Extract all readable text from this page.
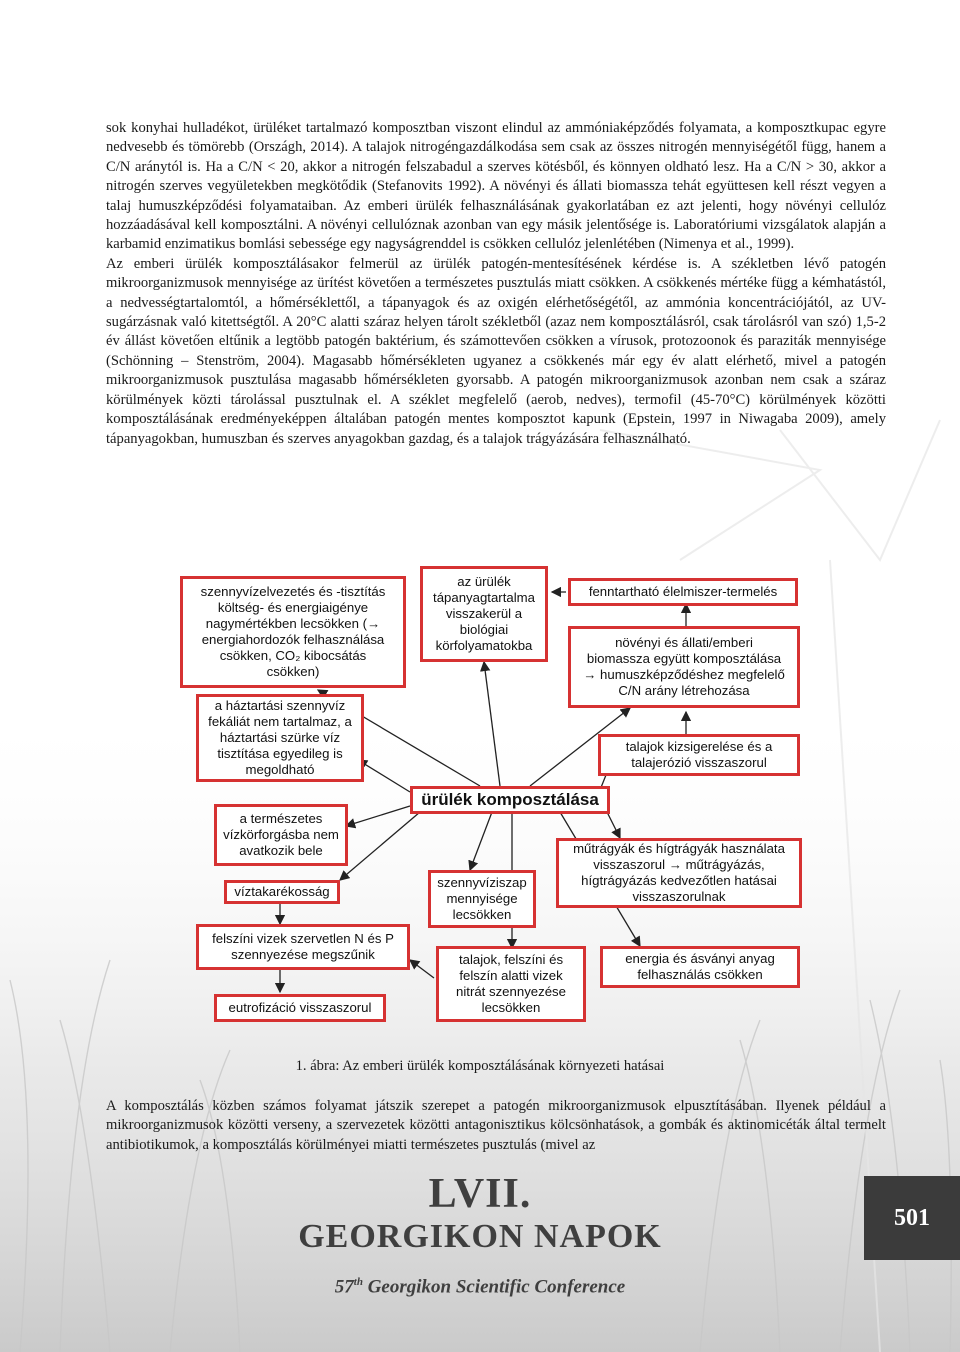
sok konyhai hulladékot, ürüléket tartalmazó komposztban viszont elindul az ammóniaképződés folyamata, a komposztkupac egyre nedvesebb és tömörebb (Országh, 2014). A talajok nitrogéngazdálkodása sem csak az összes nitrogén mennyiségétől függ, hanem a C/N aránytól is. Ha a C/N < 20, akkor a nitrogén felszabadul a szerves kötésből, és könnyen oldható lesz. Ha a C/N > 30, akkor a nitrogén szerves vegyületekben megkötődik (Stefanovits 1992). A növényi és állati biomassza tehát együttesen kell részt vegyen a talaj humuszképződési folyamataiban. Az emberi ürülék felhasználásának gyakorlatában ez azt jelenti, hogy növényi cellulóz hozzáadásával kell komposztálni. A növényi cellulóznak azonban van egy másik jelentősége is. Laboratóriumi vizsgálatok alapján a karbamid enzimatikus bomlási sebessége egy nagyságrenddel is csökken cellulóz jelenlétében (Nimenya et al., 1999).

Az emberi ürülék komposztálásakor felmerül az ürülék patogén-mentesítésének kérdése is. A székletben lévő patogén mikroorganizmusok mennyisége az ürítést követően a természetes pusztulás miatt csökken. A csökkenés mértéke függ a kémhatástól, a nedvességtartalomtól, a hőmérséklettől, a tápanyagok és az oxigén elérhetőségétől, az ammónia koncentrációjától, az UV-sugárzásnak való kitettségtől. A 20°C alatti száraz helyen tárolt székletből (azaz nem komposztálásról, csak tárolásról van szó) 1,5-2 év állást követően eltűnik a legtöbb patogén baktérium, és számottevően csökken a vírusok, protozoonok és paraziták mennyisége (Schönning – Stenström, 2004). Magasabb hőmérsékleten ugyanez a csökkenés már egy év alatt elérhető, mivel a patogén mikroorganizmusok pusztulása magasabb hőmérsékleten gyorsabb. A patogén mikroorganizmusok azonban nem csak a száraz körülmények közti tárolással pusztulnak el. A széklet megfelelő (aerob, nedves), termofil (45-70°C) körülmények közötti komposztálásának eredményeképpen általában patogén mentes komposztot kapunk (Epstein, 1997 in Niwagaba 2009), amely tápanyagokban, humuszban és szerves anyagokban gazdag, és a talajok trágyázására felhasználható.

szennyvízelvezetés és -tisztítás
költség- és energiaigénye
nagymértékben lecsökken (→
energiahordozók felhasználása
csökken, CO₂ kibocsátás
csökken)
az ürülék
tápanyagtartalma
visszakerül a
biológiai
körfolyamatokba
fenntartható élelmiszer-termelés
növényi és állati/emberi
biomassza együtt komposztálása
→ humuszképződéshez megfelelő
C/N arány létrehozása
a háztartási szennyvíz
fekáliát nem tartalmaz, a
háztartási szürke víz
tisztítása egyedileg is
megoldható
talajok kizsigerelése és a
talajerózió visszaszorul
ürülék komposztálása
a természetes
vízkörforgásba nem
avatkozik bele	műtrágyák és hígtrágyák használata
visszaszorul → műtrágyázás,
hígtrágyázás kedvezőtlen hatásai
visszaszorulnak
víztakarékosság
szennyvíziszap
mennyisége
lecsökken
felszíni vizek szervetlen N és P
szennyezése megszűnik	talajok, felszíni és
felszín alatti vizek
nitrát szennyezése
lecsökken
energia és ásványi anyag
felhasználás csökken
eutrofizáció visszaszorul
1. ábra: Az emberi ürülék komposztálásának környezeti hatásai

A komposztálás közben számos folyamat játszik szerepet a patogén mikroorganizmusok elpusztításában. Ilyenek például a mikroorganizmusok közötti verseny, a szervezetek közötti antagonisztikus kölcsönhatások, a gombák és aktinomicéták által termelt antibiotikumok, a komposztálás körülményei miatti természetes pusztulás (mivel az

LVII.
GEORGIKON NAPOK
57th Georgikon Scientific Conference
501
